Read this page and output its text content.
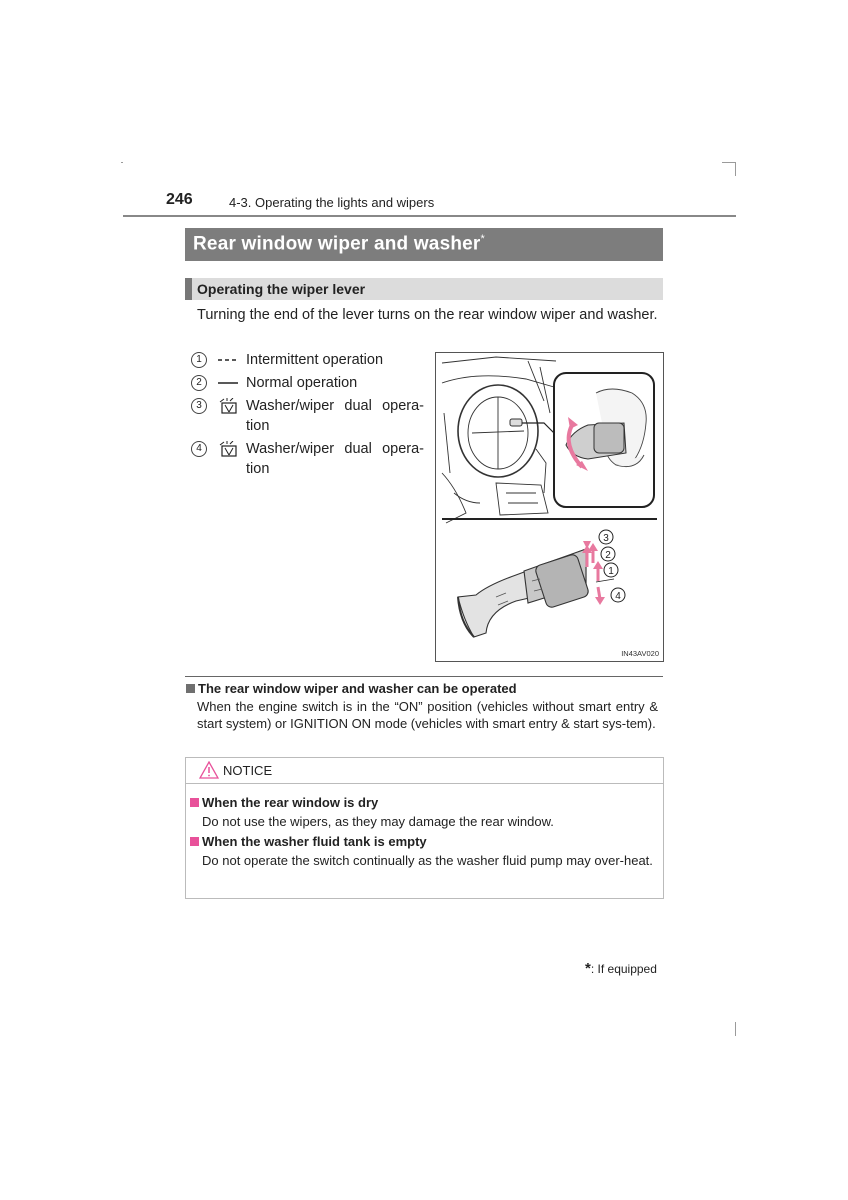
246	4-3. Operating the lights and wipers
Rear window wiper and washer*
Operating the wiper lever
Turning the end of the lever turns on the rear window wiper and washer.
1	Intermittent operation
2	Normal operation
3	Washer/wiper dual opera-tion
4	Washer/wiper dual opera-tion
3
2
1
4
IN43AV020
The rear window wiper and washer can be operated
When the engine switch is in the “ON” position (vehicles without smart entry & start system) or IGNITION ON mode (vehicles with smart entry & start sys-tem).
NOTICE
When the rear window is dry
Do not use the wipers, as they may damage the rear window.
When the washer fluid tank is empty
Do not operate the switch continually as the washer fluid pump may over-heat.
*: If equipped
